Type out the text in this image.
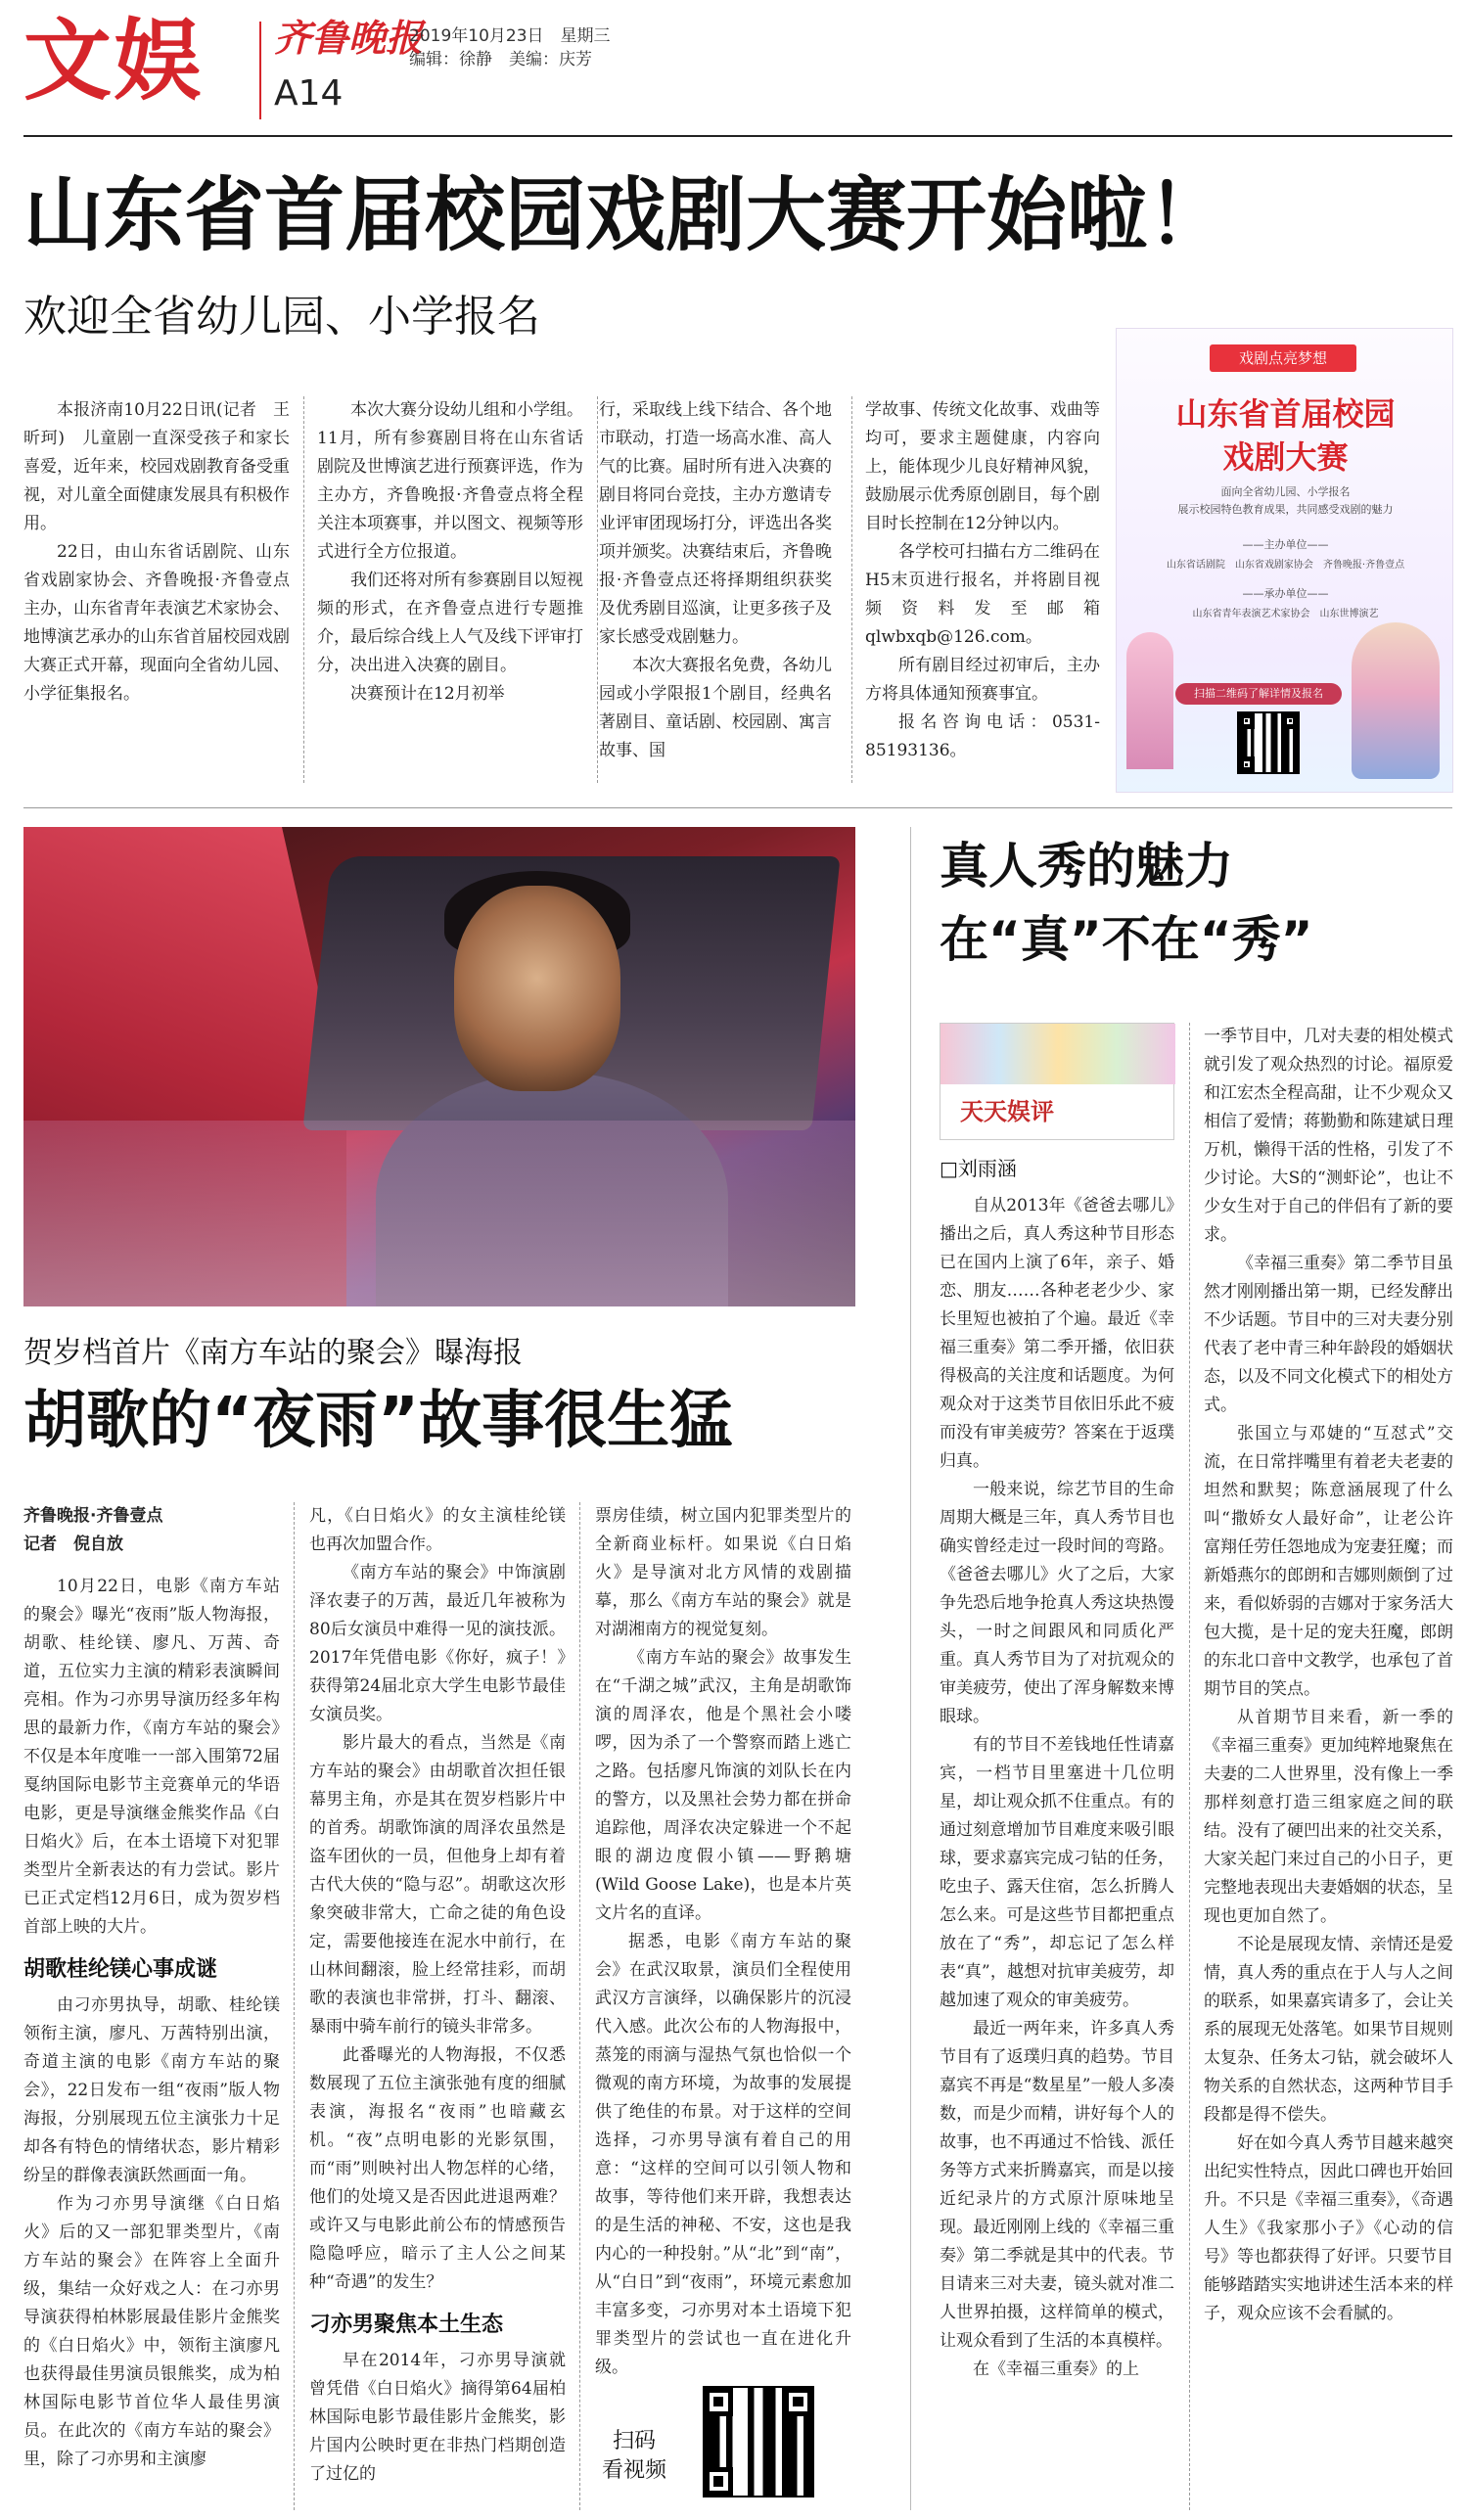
文娱 齐鲁晚报
2019年10月23日　星期三
编辑：徐静　美编：庆芳
A14
山东省首届校园戏剧大赛开始啦！
欢迎全省幼儿园、小学报名

本报济南10月22日讯(记者　王昕珂)　儿童剧一直深受孩子和家长喜爱，近年来，校园戏剧教育备受重视，对儿童全面健康发展具有积极作用。

22日，由山东省话剧院、山东省戏剧家协会、齐鲁晚报·齐鲁壹点主办，山东省青年表演艺术家协会、地博演艺承办的山东省首届校园戏剧大赛正式开幕，现面向全省幼儿园、小学征集报名。

本次大赛分设幼儿组和小学组。11月，所有参赛剧目将在山东省话剧院及世博演艺进行预赛评选，作为主办方，齐鲁晚报·齐鲁壹点将全程关注本项赛事，并以图文、视频等形式进行全方位报道。

我们还将对所有参赛剧目以短视频的形式，在齐鲁壹点进行专题推介，最后综合线上人气及线下评审打分，决出进入决赛的剧目。

决赛预计在12月初举

行，采取线上线下结合、各个地市联动，打造一场高水准、高人气的比赛。届时所有进入决赛的剧目将同台竞技，主办方邀请专业评审团现场打分，评选出各奖项并颁奖。决赛结束后，齐鲁晚报·齐鲁壹点还将择期组织获奖及优秀剧目巡演，让更多孩子及家长感受戏剧魅力。

本次大赛报名免费，各幼儿园或小学限报1个剧目，经典名著剧目、童话剧、校园剧、寓言故事、国

学故事、传统文化故事、戏曲等均可，要求主题健康，内容向上，能体现少儿良好精神风貌，鼓励展示优秀原创剧目，每个剧目时长控制在12分钟以内。

各学校可扫描右方二维码在H5末页进行报名，并将剧目视频资料发至邮箱qlwbxqb@126.com。

所有剧目经过初审后，主办方将具体通知预赛事宜。

报名咨询电话：0531-85193136。

戏剧点亮梦想
山东省首届校园
戏剧大赛
面向全省幼儿园、小学报名
展示校园特色教育成果，共同感受戏剧的魅力
——主办单位——
山东省话剧院　山东省戏剧家协会　齐鲁晚报·齐鲁壹点
——承办单位——
山东省青年表演艺术家协会　山东世博演艺
扫描二维码了解详情及报名
贺岁档首片《南方车站的聚会》曝海报
胡歌的“夜雨”故事很生猛

齐鲁晚报·齐鲁壹点

记者　倪自放

10月22日，电影《南方车站的聚会》曝光“夜雨”版人物海报，胡歌、桂纶镁、廖凡、万茜、奇道，五位实力主演的精彩表演瞬间亮相。作为刁亦男导演历经多年构思的最新力作，《南方车站的聚会》不仅是本年度唯一一部入围第72届戛纳国际电影节主竞赛单元的华语电影，更是导演继金熊奖作品《白日焰火》后，在本土语境下对犯罪类型片全新表达的有力尝试。影片已正式定档12月6日，成为贺岁档首部上映的大片。

胡歌桂纶镁心事成谜

由刁亦男执导，胡歌、桂纶镁领衔主演，廖凡、万茜特别出演，奇道主演的电影《南方车站的聚会》，22日发布一组“夜雨”版人物海报，分别展现五位主演张力十足却各有特色的情绪状态，影片精彩纷呈的群像表演跃然画面一角。

作为刁亦男导演继《白日焰火》后的又一部犯罪类型片，《南方车站的聚会》在阵容上全面升级，集结一众好戏之人：在刁亦男导演获得柏林影展最佳影片金熊奖的《白日焰火》中，领衔主演廖凡也获得最佳男演员银熊奖，成为柏林国际电影节首位华人最佳男演员。在此次的《南方车站的聚会》里，除了刁亦男和主演廖

凡，《白日焰火》的女主演桂纶镁也再次加盟合作。

《南方车站的聚会》中饰演剧泽农妻子的万茜，最近几年被称为80后女演员中难得一见的演技派。2017年凭借电影《你好，疯子！》获得第24届北京大学生电影节最佳女演员奖。

影片最大的看点，当然是《南方车站的聚会》由胡歌首次担任银幕男主角，亦是其在贺岁档影片中的首秀。胡歌饰演的周泽农虽然是盗车团伙的一员，但他身上却有着古代大侠的“隐与忍”。胡歌这次形象突破非常大，亡命之徒的角色设定，需要他接连在泥水中前行，在山林间翻滚，脸上经常挂彩，而胡歌的表演也非常拼，打斗、翻滚、暴雨中骑车前行的镜头非常多。

此番曝光的人物海报，不仅悉数展现了五位主演张弛有度的细腻表演，海报名“夜雨”也暗藏玄机。“夜”点明电影的光影氛围，而“雨”则映衬出人物怎样的心绪，他们的处境又是否因此进退两难？或许又与电影此前公布的情感预告隐隐呼应，暗示了主人公之间某种“奇遇”的发生？

刁亦男聚焦本土生态

早在2014年，刁亦男导演就曾凭借《白日焰火》摘得第64届柏林国际电影节最佳影片金熊奖，影片国内公映时更在非热门档期创造了过亿的

票房佳绩，树立国内犯罪类型片的全新商业标杆。如果说《白日焰火》是导演对北方风情的戏剧描摹，那么《南方车站的聚会》就是对湖湘南方的视觉复刻。

《南方车站的聚会》故事发生在“千湖之城”武汉，主角是胡歌饰演的周泽农，他是个黑社会小喽啰，因为杀了一个警察而踏上逃亡之路。包括廖凡饰演的刘队长在内的警方，以及黑社会势力都在拼命追踪他，周泽农决定躲进一个不起眼的湖边度假小镇——野鹅塘(Wild Goose Lake)，也是本片英文片名的直译。

据悉，电影《南方车站的聚会》在武汉取景，演员们全程使用武汉方言演绎，以确保影片的沉浸代入感。此次公布的人物海报中，蒸笼的雨滴与湿热气氛也恰似一个微观的南方环境，为故事的发展提供了绝佳的布景。对于这样的空间选择，刁亦男导演有着自己的用意：“这样的空间可以引领人物和故事，等待他们来开辟，我想表达的是生活的神秘、不安，这也是我内心的一种投射。”从“北”到“南”，从“白日”到“夜雨”，环境元素愈加丰富多变，刁亦男对本土语境下犯罪类型片的尝试也一直在进化升级。

扫码
看视频
真人秀的魅力
在“真”不在“秀”
天天娱评
□刘雨涵

自从2013年《爸爸去哪儿》播出之后，真人秀这种节目形态已在国内上演了6年，亲子、婚恋、朋友……各种老老少少、家长里短也被拍了个遍。最近《幸福三重奏》第二季开播，依旧获得极高的关注度和话题度。为何观众对于这类节目依旧乐此不疲而没有审美疲劳？答案在于返璞归真。

一般来说，综艺节目的生命周期大概是三年，真人秀节目也确实曾经走过一段时间的弯路。《爸爸去哪儿》火了之后，大家争先恐后地争抢真人秀这块热馒头，一时之间跟风和同质化严重。真人秀节目为了对抗观众的审美疲劳，使出了浑身解数来博眼球。

有的节目不差钱地任性请嘉宾，一档节目里塞进十几位明星，却让观众抓不住重点。有的通过刻意增加节目难度来吸引眼球，要求嘉宾完成刁钻的任务，吃虫子、露天住宿，怎么折腾人怎么来。可是这些节目都把重点放在了“秀”，却忘记了怎么样表“真”，越想对抗审美疲劳，却越加速了观众的审美疲劳。

最近一两年来，许多真人秀节目有了返璞归真的趋势。节目嘉宾不再是“数星星”一般人多凑数，而是少而精，讲好每个人的故事，也不再通过不恰钱、派任务等方式来折腾嘉宾，而是以接近纪录片的方式原汁原味地呈现。最近刚刚上线的《幸福三重奏》第二季就是其中的代表。节目请来三对夫妻，镜头就对准二人世界拍摄，这样简单的模式，让观众看到了生活的本真模样。

在《幸福三重奏》的上

一季节目中，几对夫妻的相处模式就引发了观众热烈的讨论。福原爱和江宏杰全程高甜，让不少观众又相信了爱情；蒋勤勤和陈建斌日理万机，懒得干活的性格，引发了不少讨论。大S的“测虾论”，也让不少女生对于自己的伴侣有了新的要求。

《幸福三重奏》第二季节目虽然才刚刚播出第一期，已经发酵出不少话题。节目中的三对夫妻分别代表了老中青三种年龄段的婚姻状态，以及不同文化模式下的相处方式。

张国立与邓婕的“互怼式”交流，在日常拌嘴里有着老夫老妻的坦然和默契；陈意涵展现了什么叫“撒娇女人最好命”，让老公许富翔任劳任怨地成为宠妻狂魔；而新婚燕尔的郎朗和吉娜则颇倒了过来，看似娇弱的吉娜对于家务活大包大揽，是十足的宠夫狂魔，郎朗的东北口音中文教学，也承包了首期节目的笑点。

从首期节目来看，新一季的《幸福三重奏》更加纯粹地聚焦在夫妻的二人世界里，没有像上一季那样刻意打造三组家庭之间的联结。没有了硬凹出来的社交关系，大家关起门来过自己的小日子，更完整地表现出夫妻婚姻的状态，呈现也更加自然了。

不论是展现友情、亲情还是爱情，真人秀的重点在于人与人之间的联系，如果嘉宾请多了，会让关系的展现无处落笔。如果节目规则太复杂、任务太刁钻，就会破坏人物关系的自然状态，这两种节目手段都是得不偿失。

好在如今真人秀节目越来越突出纪实性特点，因此口碑也开始回升。不只是《幸福三重奏》，《奇遇人生》《我家那小子》《心动的信号》等也都获得了好评。只要节目能够踏踏实实地讲述生活本来的样子，观众应该不会看腻的。
